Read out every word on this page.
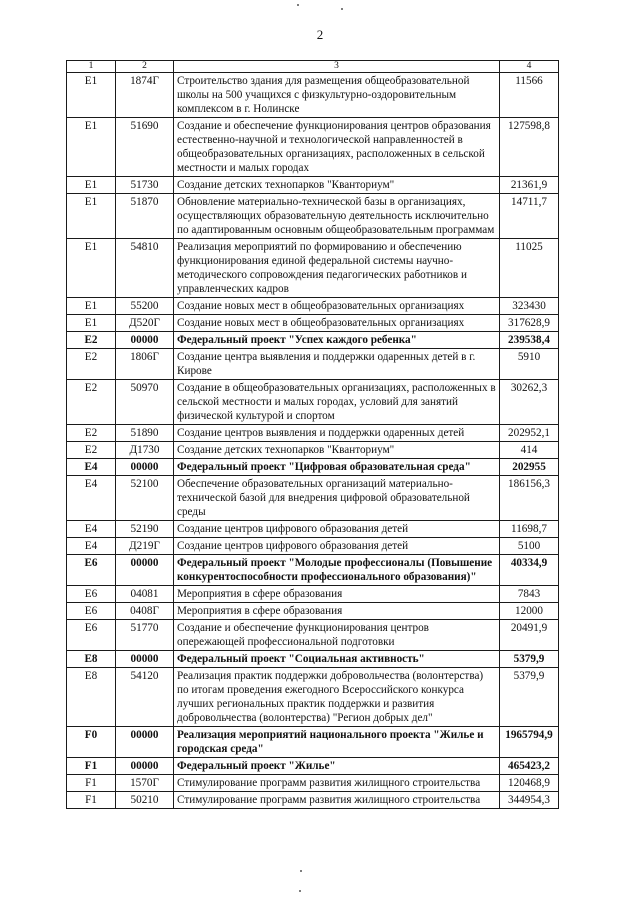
2
1	2	3	4
E1	1874Г	Строительство здания для размещения общеобразовательной школы на 500 учащихся с физкультурно-оздоровительным комплексом в г. Нолинске	11566
E1	51690	Создание и обеспечение функционирования центров образования естественно-научной и технологической направленностей в общеобразовательных организациях, расположенных в сельской местности и малых городах	127598,8
E1	51730	Создание детских технопарков "Кванториум"	21361,9
E1	51870	Обновление материально-технической базы в организациях, осуществляющих образовательную деятельность исключительно по адаптированным основным общеобразовательным программам	14711,7
E1	54810	Реализация мероприятий по формированию и обеспечению функционирования единой федеральной системы научно-методического сопровождения педагогических работников и управленческих кадров	11025
E1	55200	Создание новых мест в общеобразовательных организациях	323430
E1	Д520Г	Создание новых мест в общеобразовательных организациях	317628,9
E2	00000	Федеральный проект "Успех каждого ребенка"	239538,4
E2	1806Г	Создание центра выявления и поддержки одаренных детей в г. Кирове	5910
E2	50970	Создание в общеобразовательных организациях, расположенных в сельской местности и малых городах, условий для занятий физической культурой и спортом	30262,3
E2	51890	Создание центров выявления и поддержки одаренных детей	202952,1
E2	Д1730	Создание детских технопарков "Кванториум"	414
E4	00000	Федеральный проект "Цифровая образовательная среда"	202955
E4	52100	Обеспечение образовательных организаций материально-технической базой для внедрения цифровой образовательной среды	186156,3
E4	52190	Создание центров цифрового образования детей	11698,7
E4	Д219Г	Создание центров цифрового образования детей	5100
E6	00000	Федеральный проект "Молодые профессионалы (Повышение конкурентоспособности профессионального образования)"	40334,9
E6	04081	Мероприятия в сфере образования	7843
E6	0408Г	Мероприятия в сфере образования	12000
E6	51770	Создание и обеспечение функционирования центров опережающей профессиональной подготовки	20491,9
E8	00000	Федеральный проект "Социальная активность"	5379,9
E8	54120	Реализация практик поддержки добровольчества (волонтерства) по итогам проведения ежегодного Всероссийского конкурса лучших региональных практик поддержки и развития добровольчества (волонтерства) "Регион добрых дел"	5379,9
F0	00000	Реализация мероприятий национального проекта "Жилье и городская среда"	1965794,9
F1	00000	Федеральный проект "Жилье"	465423,2
F1	1570Г	Стимулирование программ развития жилищного строительства	120468,9
F1	50210	Стимулирование программ развития жилищного строительства	344954,3
